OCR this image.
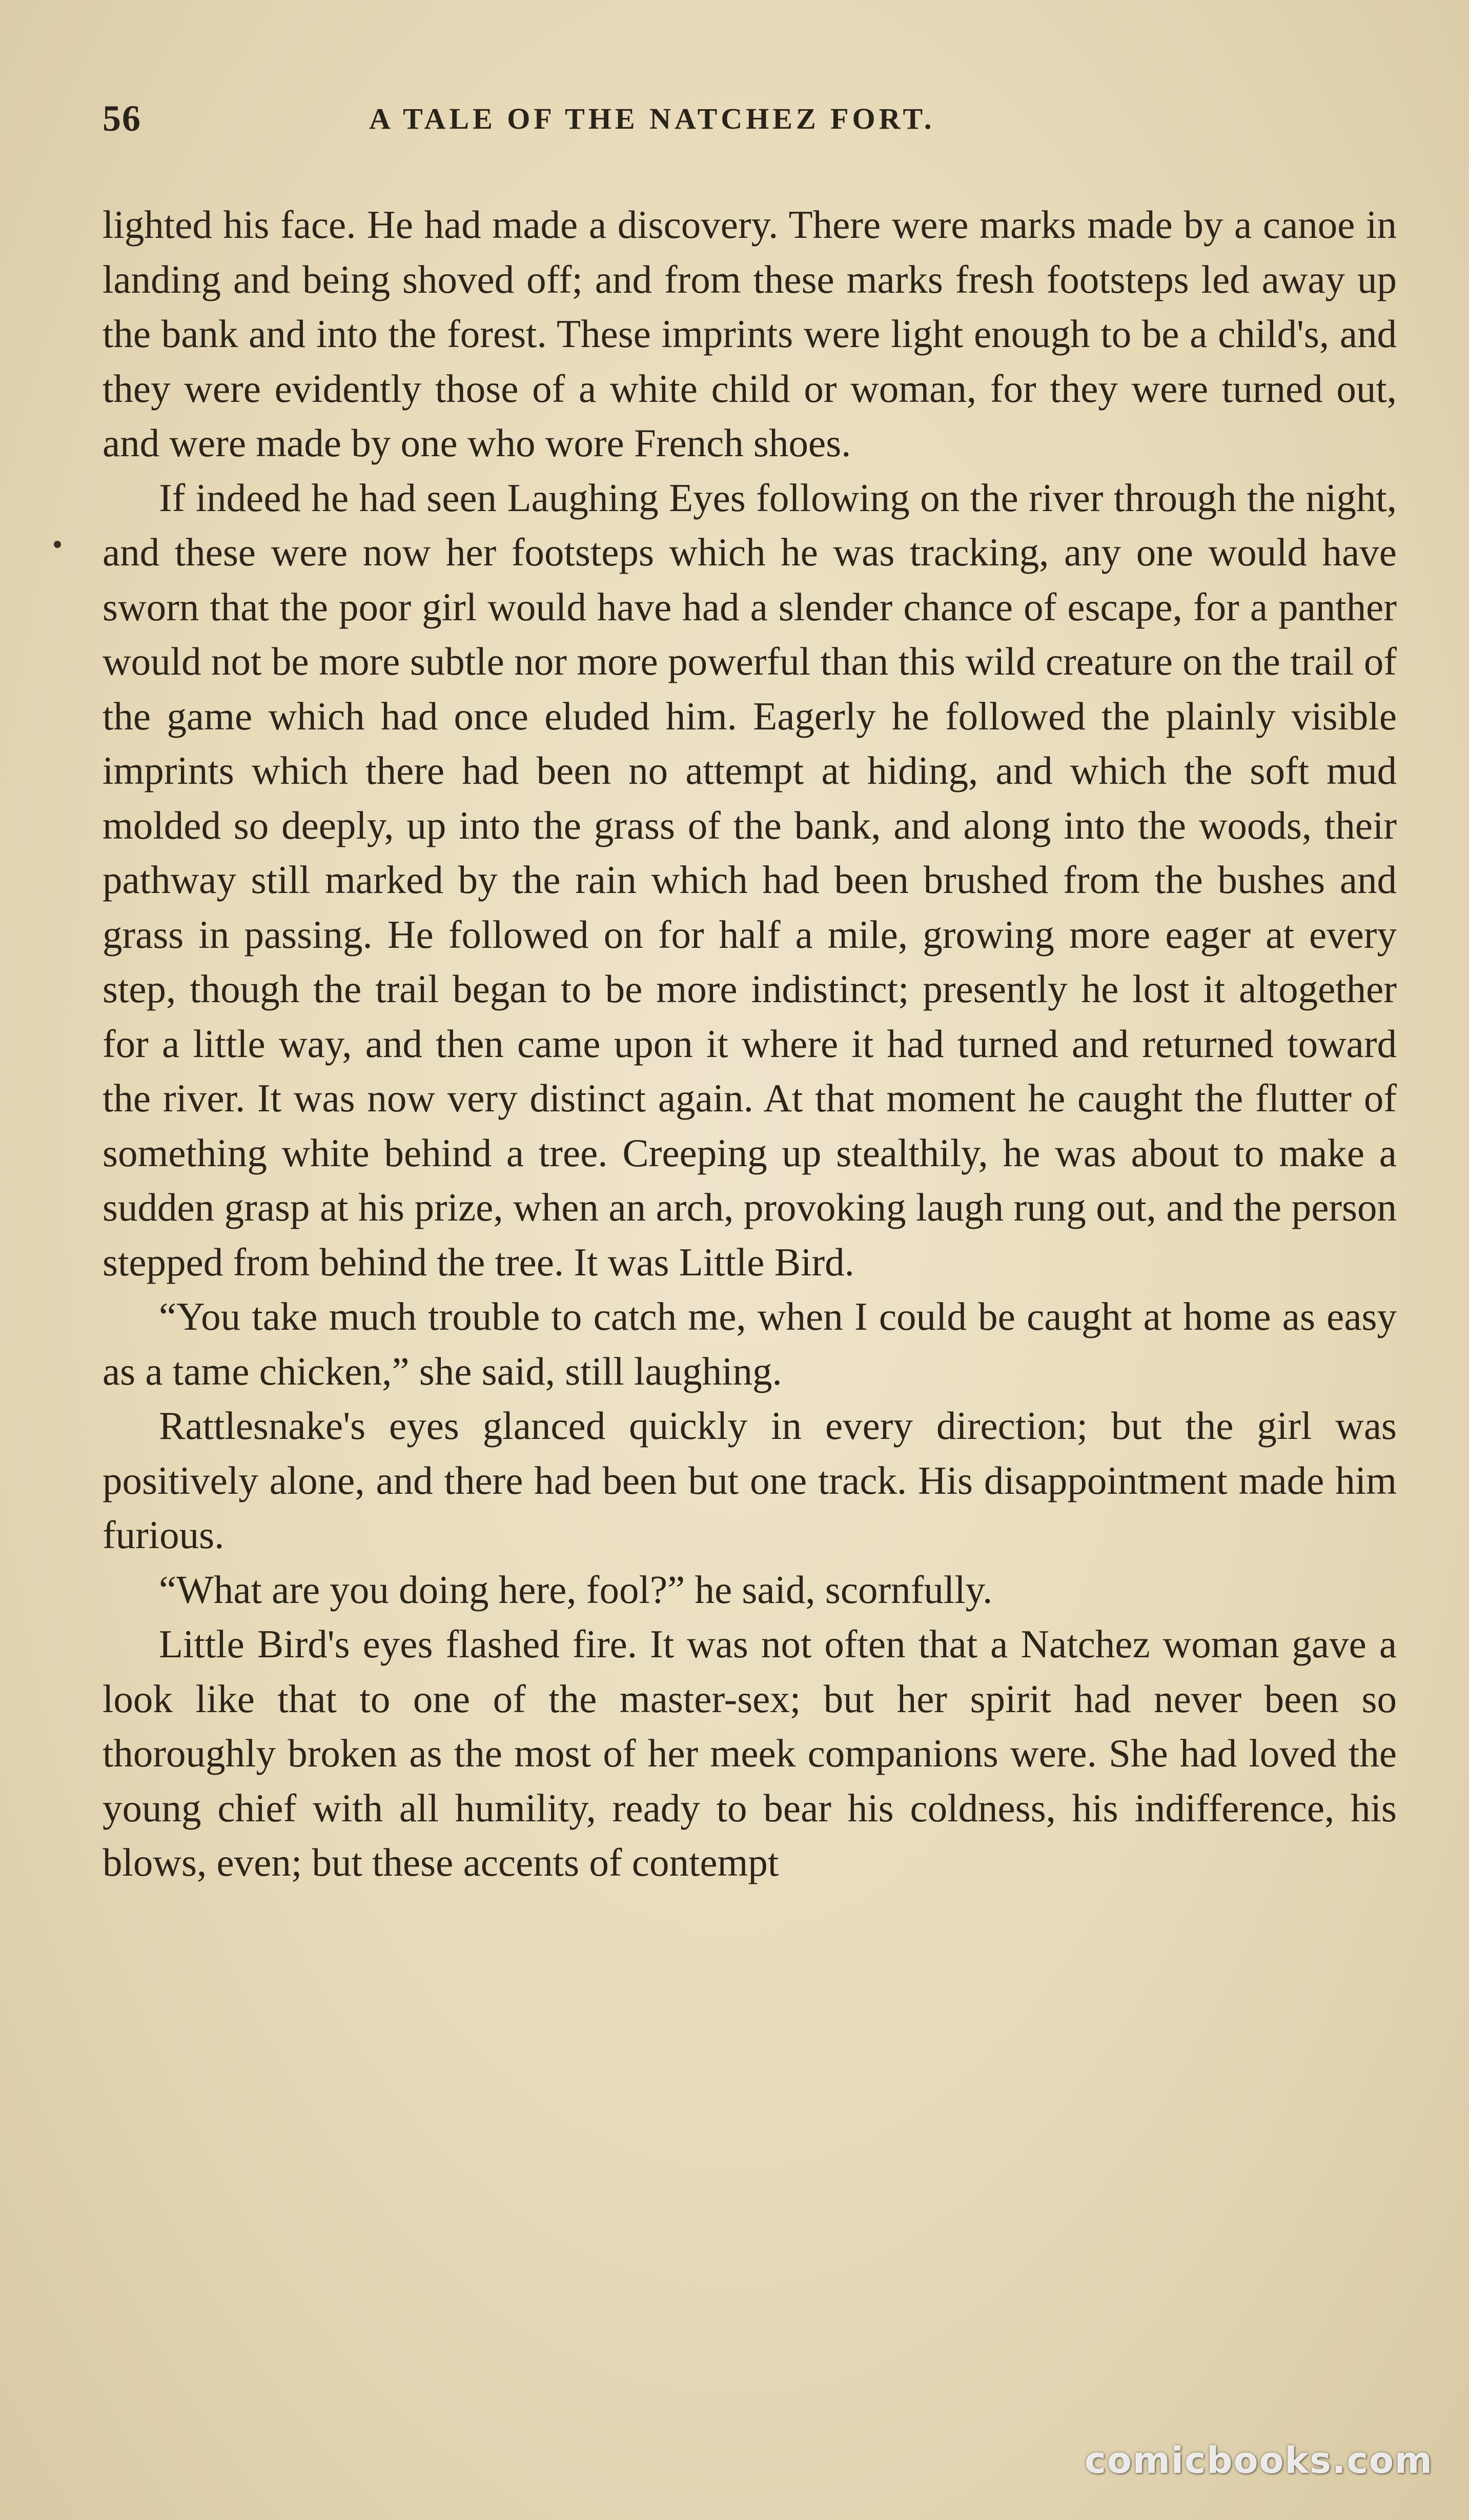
56	A TALE OF THE NATCHEZ FORT.

lighted his face. He had made a discovery. There were marks made by a canoe in landing and being shoved off; and from these marks fresh footsteps led away up the bank and into the forest. These imprints were light enough to be a child's, and they were evidently those of a white child or woman, for they were turned out, and were made by one who wore French shoes.

If indeed he had seen Laughing Eyes following on the river through the night, and these were now her footsteps which he was tracking, any one would have sworn that the poor girl would have had a slender chance of escape, for a panther would not be more subtle nor more powerful than this wild creature on the trail of the game which had once eluded him. Eagerly he followed the plainly visible imprints which there had been no attempt at hiding, and which the soft mud molded so deeply, up into the grass of the bank, and along into the woods, their pathway still marked by the rain which had been brushed from the bushes and grass in passing. He followed on for half a mile, growing more eager at every step, though the trail began to be more indistinct; presently he lost it altogether for a little way, and then came upon it where it had turned and returned toward the river. It was now very distinct again. At that moment he caught the flutter of something white behind a tree. Creeping up stealthily, he was about to make a sudden grasp at his prize, when an arch, provoking laugh rung out, and the person stepped from behind the tree. It was Little Bird.

“You take much trouble to catch me, when I could be caught at home as easy as a tame chicken,” she said, still laughing.

Rattlesnake's eyes glanced quickly in every direction; but the girl was positively alone, and there had been but one track. His disappointment made him furious.

“What are you doing here, fool?” he said, scornfully.

Little Bird's eyes flashed fire. It was not often that a Natchez woman gave a look like that to one of the master-sex; but her spirit had never been so thoroughly broken as the most of her meek companions were. She had loved the young chief with all humility, ready to bear his coldness, his indifference, his blows, even; but these accents of contempt

comicbooks.com
